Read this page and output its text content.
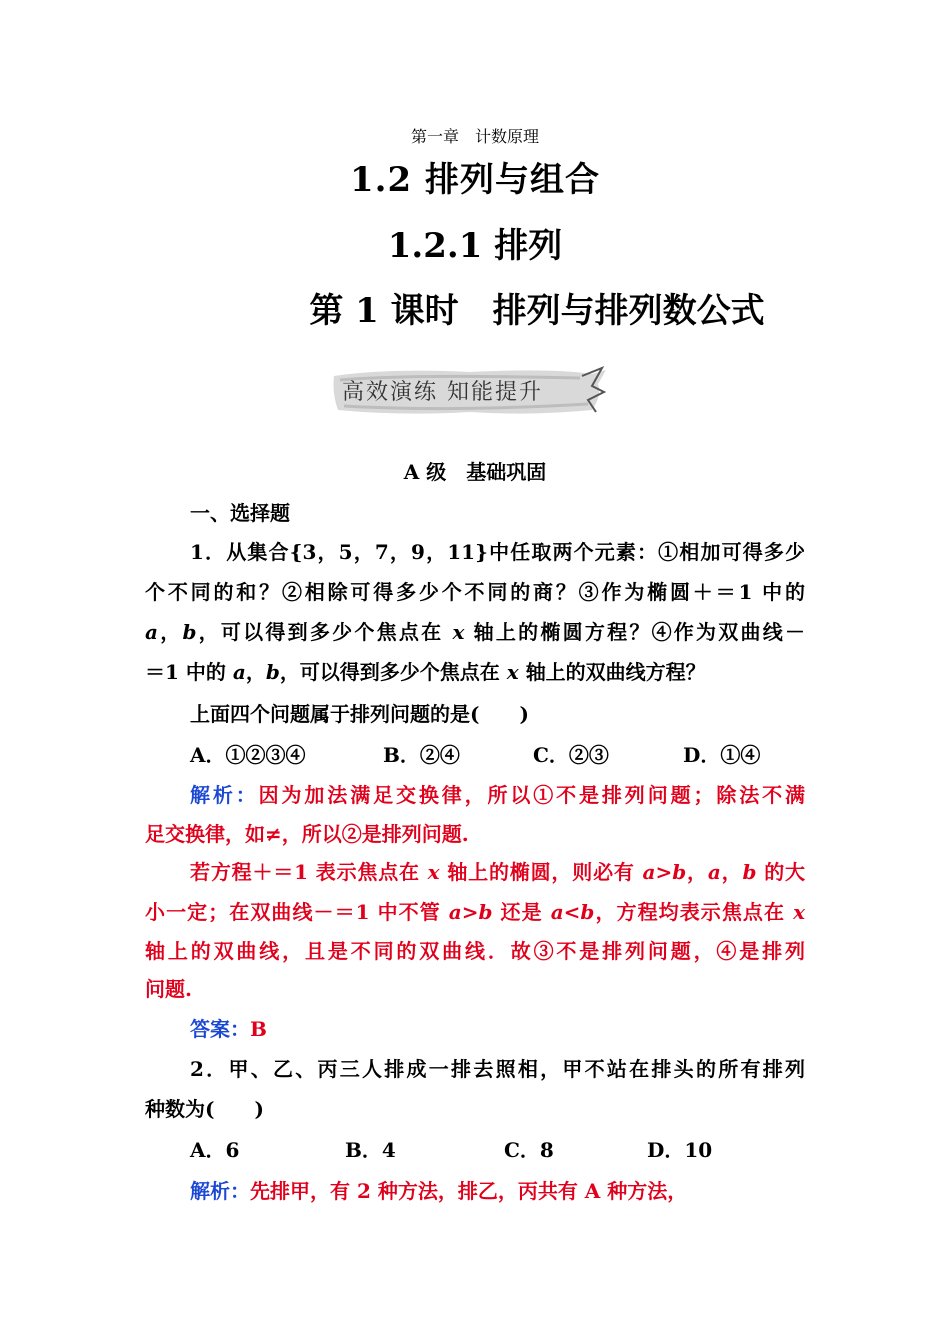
第一章　计数原理
1.2 排列与组合
1.2.1 排列
第 1 课时　排列与排列数公式
高效演练 知能提升
A 级　基础巩固
一、选择题
1．从集合{3，5，7，9，11}中任取两个元素：①相加可得多少
个不同的和？②相除可得多少个不同的商？③作为椭圆＋＝1 中的
a，b，可以得到多少个焦点在 x 轴上的椭圆方程？④作为双曲线－
＝1 中的 a，b，可以得到多少个焦点在 x 轴上的双曲线方程？
上面四个问题属于排列问题的是(　　)
A．①②③④	B．②④	C．②③	D．①④
解析：因为加法满足交换律，所以①不是排列问题；除法不满
足交换律，如≠，所以②是排列问题.
若方程＋＝1 表示焦点在 x 轴上的椭圆，则必有 a>b，a，b 的大
小一定；在双曲线－＝1 中不管 a>b 还是 a<b，方程均表示焦点在 x
轴上的双曲线，且是不同的双曲线．故③不是排列问题，④是排列
问题.
答案：B
2．甲、乙、丙三人排成一排去照相，甲不站在排头的所有排列
种数为(　　)
A．6	B．4	C．8	D．10
解析：先排甲，有 2 种方法，排乙，丙共有 A 种方法，
